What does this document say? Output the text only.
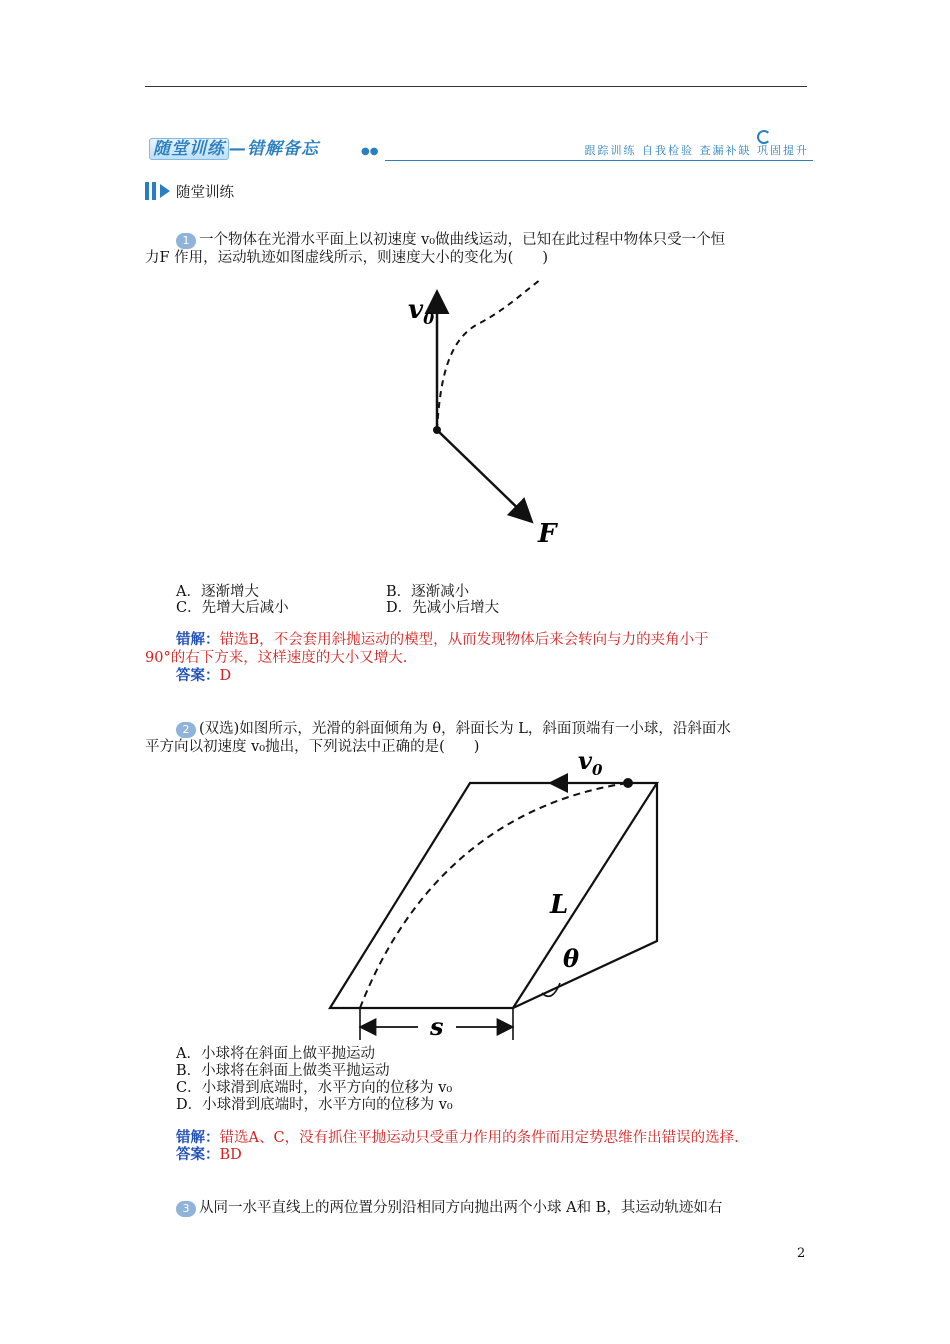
随堂训练 —错解备忘	●●	跟踪训练 自我检验 查漏补缺 巩固提升
随堂训练
1 一个物体在光滑水平面上以初速度 v₀做曲线运动，已知在此过程中物体只受一个恒
力F 作用，运动轨迹如图虚线所示，则速度大小的变化为(　　)
$v_0$
F
A．逐渐增大	B．逐渐减小
C．先增大后减小	D．先减小后增大
错解：错选B，不会套用斜抛运动的模型，从而发现物体后来会转向与力的夹角小于
90°的右下方来，这样速度的大小又增大.
答案：D
2 (双选)如图所示，光滑的斜面倾角为 θ，斜面长为 L，斜面顶端有一小球，沿斜面水
平方向以初速度 v₀抛出，下列说法中正确的是(　　)	$v_0$
L
θ
s
A．小球将在斜面上做平抛运动
B．小球将在斜面上做类平抛运动
C．小球滑到底端时，水平方向的位移为 v₀
D．小球滑到底端时，水平方向的位移为 v₀
错解：错选A、C，没有抓住平抛运动只受重力作用的条件而用定势思维作出错误的选择.
答案：BD
3 从同一水平直线上的两位置分别沿相同方向抛出两个小球 A和 B，其运动轨迹如右
2
